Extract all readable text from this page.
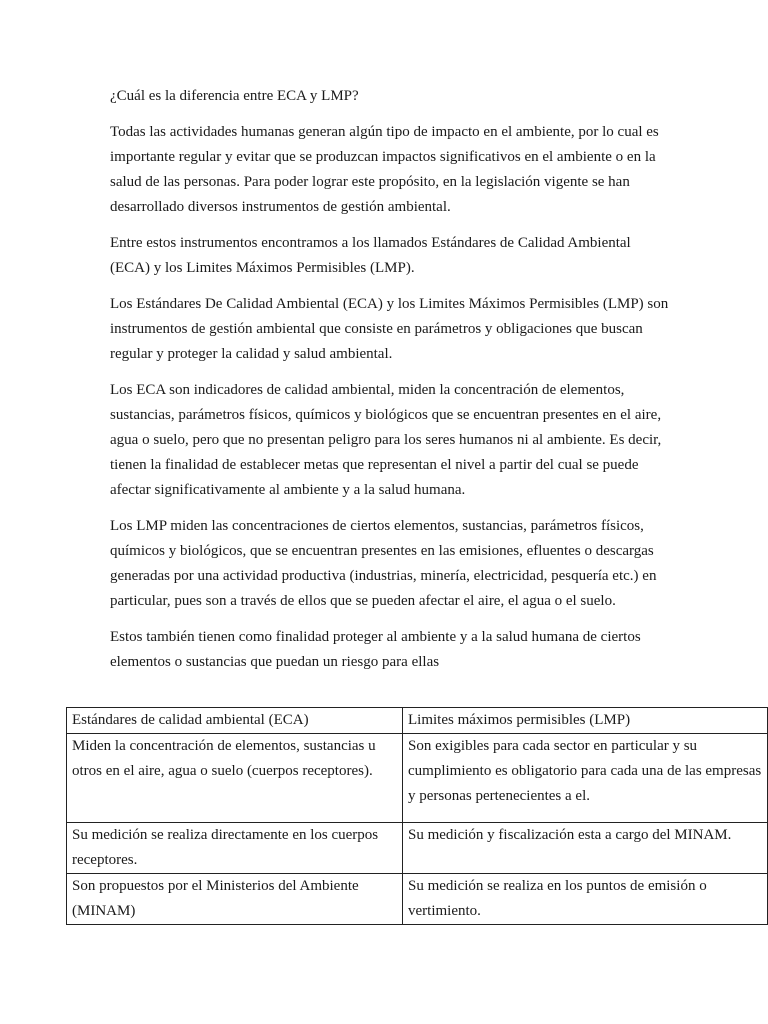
¿Cuál es la diferencia entre ECA y LMP?

Todas las actividades humanas generan algún tipo de impacto en el ambiente, por lo cual es importante regular y evitar que se produzcan impactos significativos en el ambiente o en la salud de las personas. Para poder lograr este propósito, en la legislación vigente se han desarrollado diversos instrumentos de gestión ambiental.

Entre estos instrumentos encontramos a los llamados Estándares de Calidad Ambiental (ECA) y los Limites Máximos Permisibles (LMP).

Los Estándares De Calidad Ambiental (ECA) y los Limites Máximos Permisibles (LMP) son instrumentos de gestión ambiental que consiste en parámetros y obligaciones que buscan regular y proteger la calidad y salud ambiental.

Los ECA son indicadores de calidad ambiental, miden la concentración de elementos, sustancias, parámetros físicos, químicos y biológicos que se encuentran presentes en el aire, agua o suelo, pero que no presentan peligro para los seres humanos ni al ambiente. Es decir, tienen la finalidad de establecer metas que representan el nivel a partir del cual se puede afectar significativamente al ambiente y a la salud humana.

Los LMP miden las concentraciones de ciertos elementos, sustancias, parámetros físicos, químicos y biológicos, que se encuentran presentes en las emisiones, efluentes o descargas generadas por una actividad productiva (industrias, minería, electricidad, pesquería etc.) en particular, pues son a través de ellos que se pueden afectar el aire, el agua o el suelo.

Estos también tienen como finalidad proteger al ambiente y a la salud humana de ciertos elementos o sustancias que puedan un riesgo para ellas

Estándares de calidad ambiental (ECA)	Limites máximos permisibles (LMP)
Miden la concentración de elementos, sustancias u otros en el aire, agua o suelo (cuerpos receptores).	Son exigibles para cada sector en particular y su cumplimiento es obligatorio para cada una de las empresas y personas pertenecientes a el.
Su medición se realiza directamente en los cuerpos receptores.	Su medición y fiscalización esta a cargo del MINAM.
Son propuestos por el Ministerios del Ambiente (MINAM)	Su medición se realiza en los puntos de emisión o vertimiento.
